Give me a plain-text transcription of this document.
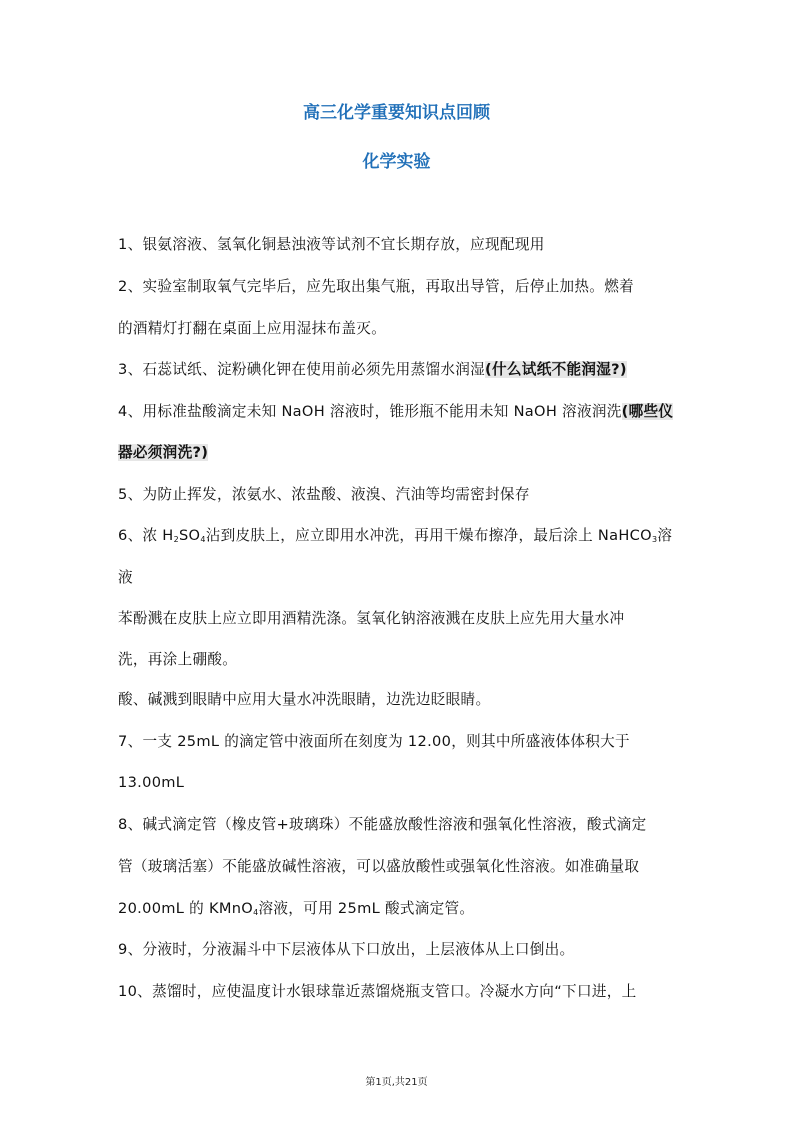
高三化学重要知识点回顾
化学实验
1、银氨溶液、氢氧化铜悬浊液等试剂不宜长期存放，应现配现用
2、实验室制取氧气完毕后，应先取出集气瓶，再取出导管，后停止加热。燃着
的酒精灯打翻在桌面上应用湿抹布盖灭。
3、石蕊试纸、淀粉碘化钾在使用前必须先用蒸馏水润湿(什么试纸不能润湿?)
4、用标准盐酸滴定未知 NaOH 溶液时，锥形瓶不能用未知 NaOH 溶液润洗(哪些仪
器必须润洗?)
5、为防止挥发，浓氨水、浓盐酸、液溴、汽油等均需密封保存
6、浓 $H_2SO_4$沾到皮肤上，应立即用水冲洗，再用干燥布擦净，最后涂上 NaHCO$_3$溶
液
苯酚溅在皮肤上应立即用酒精洗涤。氢氧化钠溶液溅在皮肤上应先用大量水冲
洗，再涂上硼酸。
酸、碱溅到眼睛中应用大量水冲洗眼睛，边洗边眨眼睛。
7、一支 25mL 的滴定管中液面所在刻度为 12.00，则其中所盛液体体积大于
13.00mL
8、碱式滴定管（橡皮管+玻璃珠）不能盛放酸性溶液和强氧化性溶液，酸式滴定
管（玻璃活塞）不能盛放碱性溶液，可以盛放酸性或强氧化性溶液。如准确量取
20.00mL 的 KMnO$_4$溶液，可用 25mL 酸式滴定管。
9、分液时，分液漏斗中下层液体从下口放出，上层液体从上口倒出。
10、蒸馏时，应使温度计水银球靠近蒸馏烧瓶支管口。冷凝水方向“下口进，上
第1页,共21页
